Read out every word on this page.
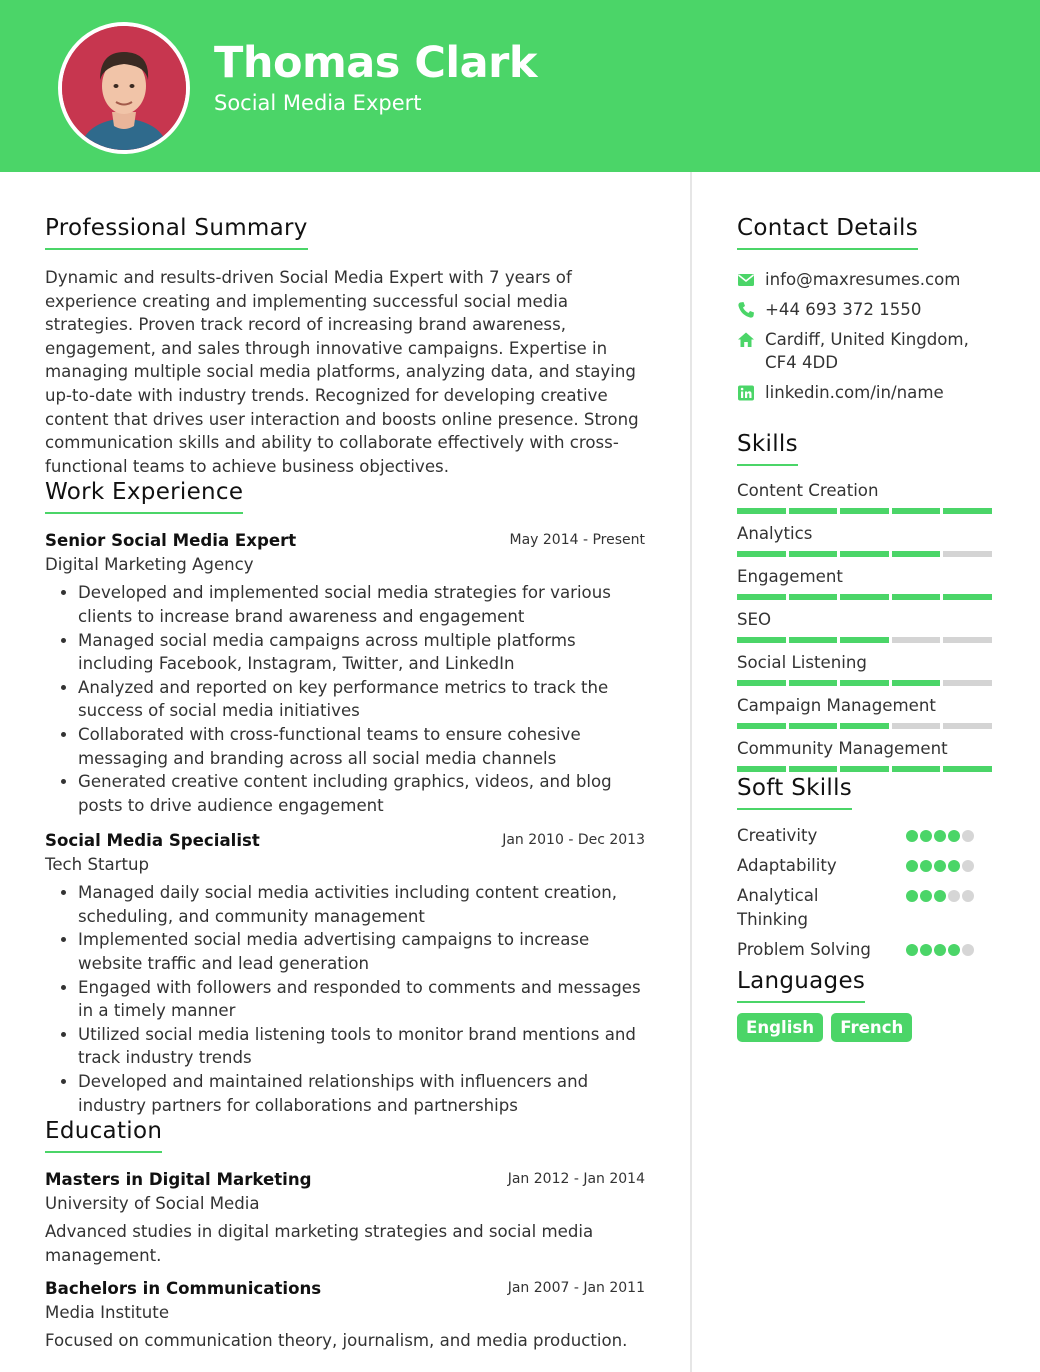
Thomas Clark
Social Media Expert
Professional Summary

Dynamic and results-driven Social Media Expert with 7 years of experience creating and implementing successful social media strategies. Proven track record of increasing brand awareness, engagement, and sales through innovative campaigns. Expertise in managing multiple social media platforms, analyzing data, and staying up-to-date with industry trends. Recognized for developing creative content that drives user interaction and boosts online presence. Strong communication skills and ability to collaborate effectively with cross-functional teams to achieve business objectives.

Work Experience
Senior Social Media Expert	May 2014 - Present
Digital Marketing Agency
• Developed and implemented social media strategies for various clients to increase brand awareness and engagement
• Managed social media campaigns across multiple platforms including Facebook, Instagram, Twitter, and LinkedIn
• Analyzed and reported on key performance metrics to track the success of social media initiatives
• Collaborated with cross-functional teams to ensure cohesive messaging and branding across all social media channels
• Generated creative content including graphics, videos, and blog posts to drive audience engagement
Social Media Specialist	Jan 2010 - Dec 2013
Tech Startup
• Managed daily social media activities including content creation, scheduling, and community management
• Implemented social media advertising campaigns to increase website traffic and lead generation
• Engaged with followers and responded to comments and messages in a timely manner
• Utilized social media listening tools to monitor brand mentions and track industry trends
• Developed and maintained relationships with influencers and industry partners for collaborations and partnerships
Education
Masters in Digital Marketing	Jan 2012 - Jan 2014
University of Social Media

Advanced studies in digital marketing strategies and social media management.

Bachelors in Communications	Jan 2007 - Jan 2011
Media Institute

Focused on communication theory, journalism, and media production.

Contact Details
info@maxresumes.com
+44 693 372 1550
Cardiff, United Kingdom,
CF4 4DD
linkedin.com/in/name
Skills
Content Creation
Analytics
Engagement
SEO
Social Listening
Campaign Management
Community Management
Soft Skills
Creativity
Adaptability
Analytical Thinking
Problem Solving
Languages
English French
